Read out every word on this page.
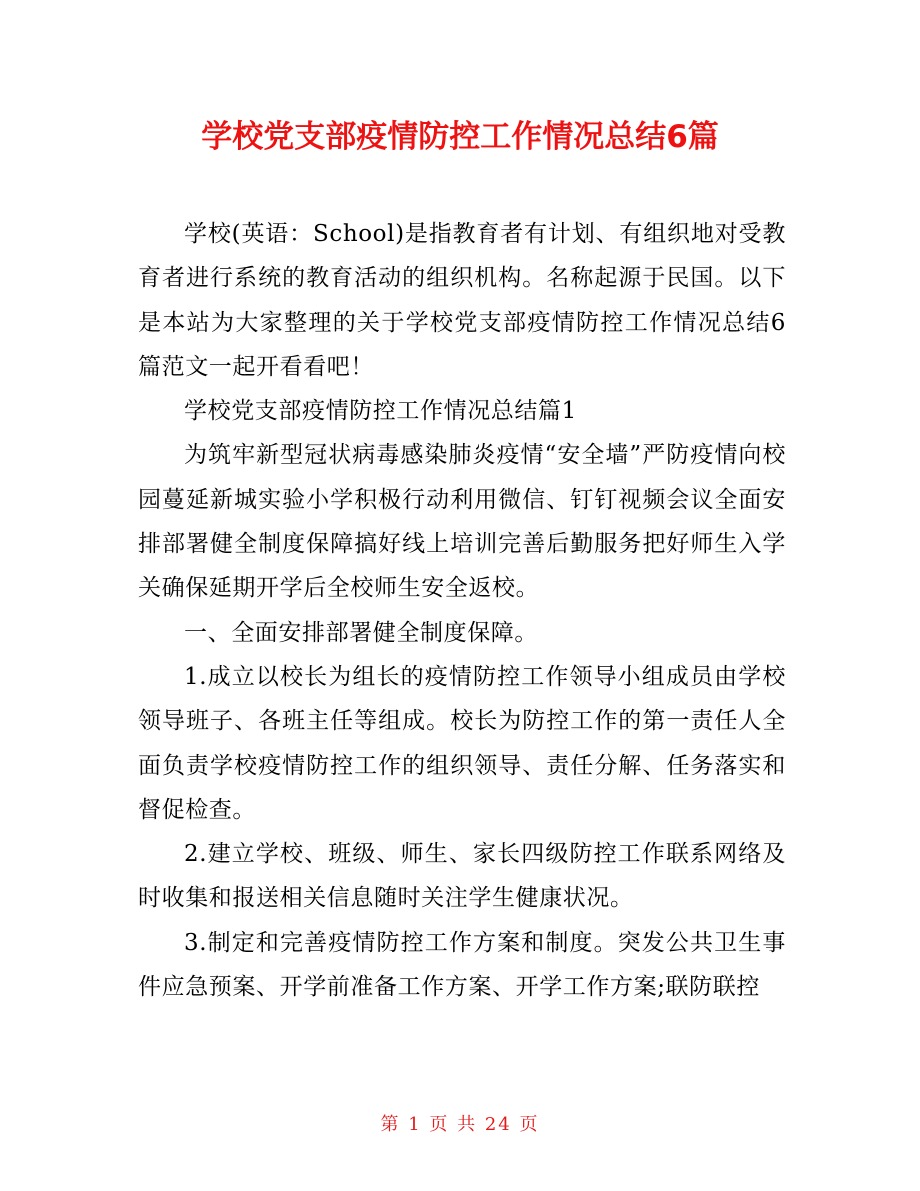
学校党支部疫情防控工作情况总结6篇

学校(英语：School)是指教育者有计划、有组织地对受教育者进行系统的教育活动的组织机构。名称起源于民国。以下是本站为大家整理的关于学校党支部疫情防控工作情况总结6篇范文一起开看看吧！

学校党支部疫情防控工作情况总结篇1

为筑牢新型冠状病毒感染肺炎疫情“安全墙”严防疫情向校园蔓延新城实验小学积极行动利用微信、钉钉视频会议全面安排部署健全制度保障搞好线上培训完善后勤服务把好师生入学关确保延期开学后全校师生安全返校。

一、全面安排部署健全制度保障。

1.成立以校长为组长的疫情防控工作领导小组成员由学校领导班子、各班主任等组成。校长为防控工作的第一责任人全面负责学校疫情防控工作的组织领导、责任分解、任务落实和督促检查。

2.建立学校、班级、师生、家长四级防控工作联系网络及时收集和报送相关信息随时关注学生健康状况。

3.制定和完善疫情防控工作方案和制度。突发公共卫生事件应急预案、开学前准备工作方案、开学工作方案;联防联控

第 1 页 共 24 页
